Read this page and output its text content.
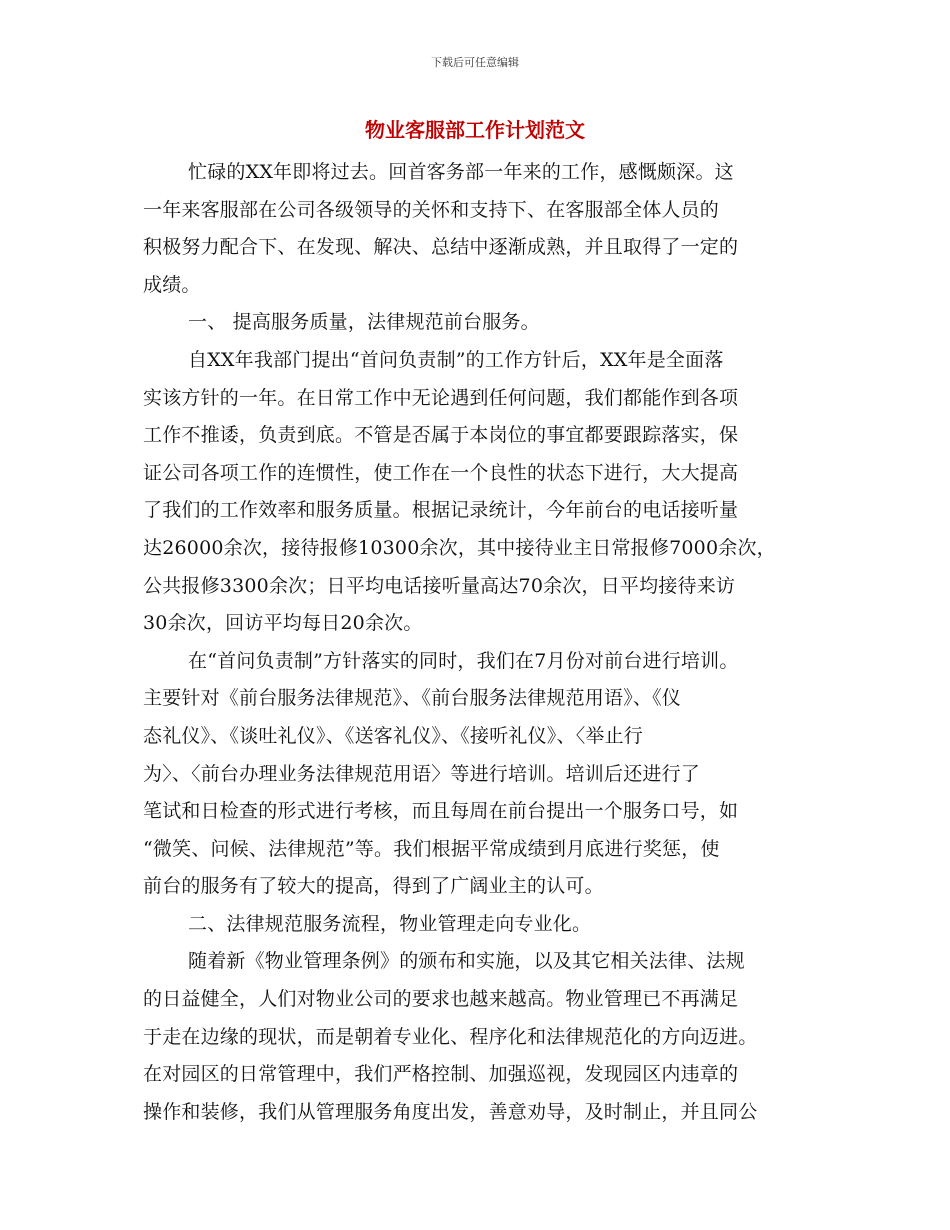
下载后可任意编辑
物业客服部工作计划范文
忙碌的XX年即将过去。回首客务部一年来的工作，感慨颇深。这
一年来客服部在公司各级领导的关怀和支持下、在客服部全体人员的
积极努力配合下、在发现、解决、总结中逐渐成熟，并且取得了一定的
成绩。
一、 提高服务质量，法律规范前台服务。
自XX年我部门提出“首问负责制”的工作方针后，XX年是全面落
实该方针的一年。在日常工作中无论遇到任何问题，我们都能作到各项
工作不推诿，负责到底。不管是否属于本岗位的事宜都要跟踪落实，保
证公司各项工作的连惯性，使工作在一个良性的状态下进行，大大提高
了我们的工作效率和服务质量。根据记录统计，今年前台的电话接听量
达26000余次，接待报修10300余次，其中接待业主日常报修7000余次，
公共报修3300余次；日平均电话接听量高达70余次，日平均接待来访
30余次，回访平均每日20余次。
在“首问负责制”方针落实的同时，我们在7月份对前台进行培训。
主要针对《前台服务法律规范》、《前台服务法律规范用语》、《仪
态礼仪》、《谈吐礼仪》、《送客礼仪》、《接听礼仪》、〈举止行
为〉、〈前台办理业务法律规范用语〉等进行培训。培训后还进行了
笔试和日检查的形式进行考核，而且每周在前台提出一个服务口号，如
“微笑、问候、法律规范”等。我们根据平常成绩到月底进行奖惩，使
前台的服务有了较大的提高，得到了广阔业主的认可。
二、法律规范服务流程，物业管理走向专业化。
随着新《物业管理条例》的颁布和实施，以及其它相关法律、法规
的日益健全，人们对物业公司的要求也越来越高。物业管理已不再满足
于走在边缘的现状，而是朝着专业化、程序化和法律规范化的方向迈进。
在对园区的日常管理中，我们严格控制、加强巡视，发现园区内违章的
操作和装修，我们从管理服务角度出发，善意劝导，及时制止，并且同公
